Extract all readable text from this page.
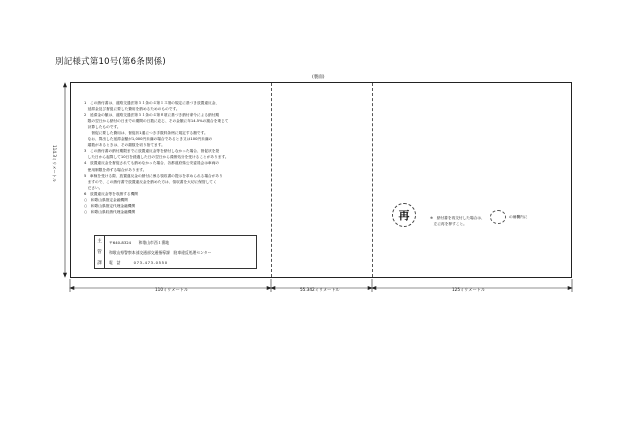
別記様式第10号(第6条関係)
(裏面)

1　この納付書は、道路交通法第５１条の４第１３項の規定に基づき放置違反金、

　延滞金及び督促に要した費用を納めるためのものです。

2　延滞金の額は、道路交通法第５１条の４第８項に基づき納付命令による納付期

　限の翌日から納付の日までの期間の日数に応じ、その金額に年14.5%の割合を乗じて

　計算したものです。

　　督促に要した費用は、督促状1通につき手数料条例に規定する額です。

　なお、算出した延滞金額が1,000円未満の場合であるとき又は100円未満の

　端数があるときは、その端数を切り捨てます。

3　この納付書の納付期限までに放置違反金等を納付しなかった場合、督促状を発

　した日から起算して10日を経過した日の翌日から滞納処分を受けることがあります。

4　放置違反金を督促されても納めなかった場合、各都道府県公安委員会は車両の

　使用制限を命ずる場合があります。

5　車検を受ける際、放置違反金の納付に係る領収書の提示を求められる場合があり

　ますので、この納付書で放置違反金を納めた方は、領収書を大切に保管してく

　ださい。

6　放置違反金等を収納する機関

○　和歌山県指定金融機関

○　和歌山県指定代理金融機関

○　和歌山県収納代理金融機関

主
管
課
〒640-8324　　和歌山市西１番地
和歌山県警察本部交通部交通指導課　駐車違反処理センター
電　話	073-473-0550
再	※　納付書を再交付した場合は、
　左に再を押すこと。
の補欄内に
114.3ミリメートル
110ミリメートル	55.342ミリメートル	125ミリメートル
